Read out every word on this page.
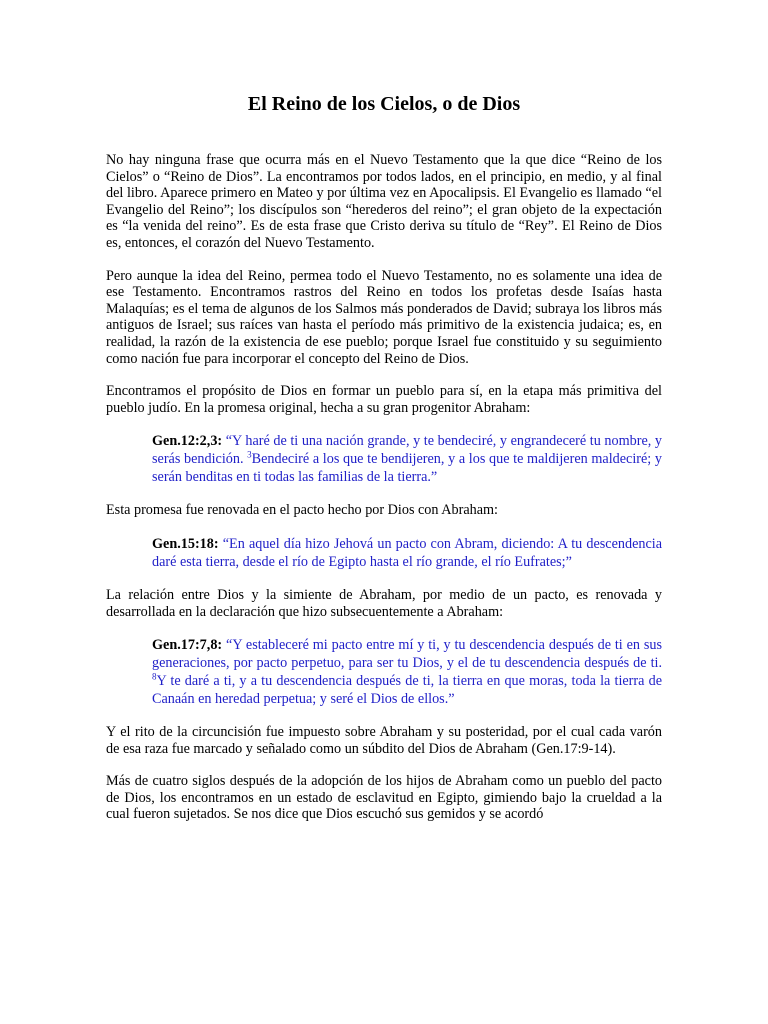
El Reino de los Cielos, o de Dios

No hay ninguna frase que ocurra más en el Nuevo Testamento que la que dice “Reino de los Cielos” o “Reino de Dios”. La encontramos por todos lados, en el principio, en medio, y al final del libro. Aparece primero en Mateo y por última vez en Apocalipsis. El Evangelio es llamado “el Evangelio del Reino”; los discípulos son “herederos del reino”; el gran objeto de la expectación es “la venida del reino”. Es de esta frase que Cristo deriva su título de “Rey”. El Reino de Dios es, entonces, el corazón del Nuevo Testamento.

Pero aunque la idea del Reino, permea todo el Nuevo Testamento, no es solamente una idea de ese Testamento. Encontramos rastros del Reino en todos los profetas desde Isaías hasta Malaquías; es el tema de algunos de los Salmos más ponderados de David; subraya los libros más antiguos de Israel; sus raíces van hasta el período más primitivo de la existencia judaica; es, en realidad, la razón de la existencia de ese pueblo; porque Israel fue constituido y su seguimiento como nación fue para incorporar el concepto del Reino de Dios.

Encontramos el propósito de Dios en formar un pueblo para sí, en la etapa más primitiva del pueblo judío. En la promesa original, hecha a su gran progenitor Abraham:

Gen.12:2,3: “Y haré de ti una nación grande, y te bendeciré, y engrandeceré tu nombre, y serás bendición. $^3$Bendeciré a los que te bendijeren, y a los que te maldijeren maldeciré; y serán benditas en ti todas las familias de la tierra.”

Esta promesa fue renovada en el pacto hecho por Dios con Abraham:

Gen.15:18: “En aquel día hizo Jehová un pacto con Abram, diciendo: A tu descendencia daré esta tierra, desde el río de Egipto hasta el río grande, el río Eufrates;”

La relación entre Dios y la simiente de Abraham, por medio de un pacto, es renovada y desarrollada en la declaración que hizo subsecuentemente a Abraham:

Gen.17:7,8: “Y estableceré mi pacto entre mí y ti, y tu descendencia después de ti en sus generaciones, por pacto perpetuo, para ser tu Dios, y el de tu descendencia después de ti. $^8$Y te daré a ti, y a tu descendencia después de ti, la tierra en que moras, toda la tierra de Canaán en heredad perpetua; y seré el Dios de ellos.”

Y el rito de la circuncisión fue impuesto sobre Abraham y su posteridad, por el cual cada varón de esa raza fue marcado y señalado como un súbdito del Dios de Abraham (Gen.17:9-14).

Más de cuatro siglos después de la adopción de los hijos de Abraham como un pueblo del pacto de Dios, los encontramos en un estado de esclavitud en Egipto, gimiendo bajo la crueldad a la cual fueron sujetados. Se nos dice que Dios escuchó sus gemidos y se acordó
